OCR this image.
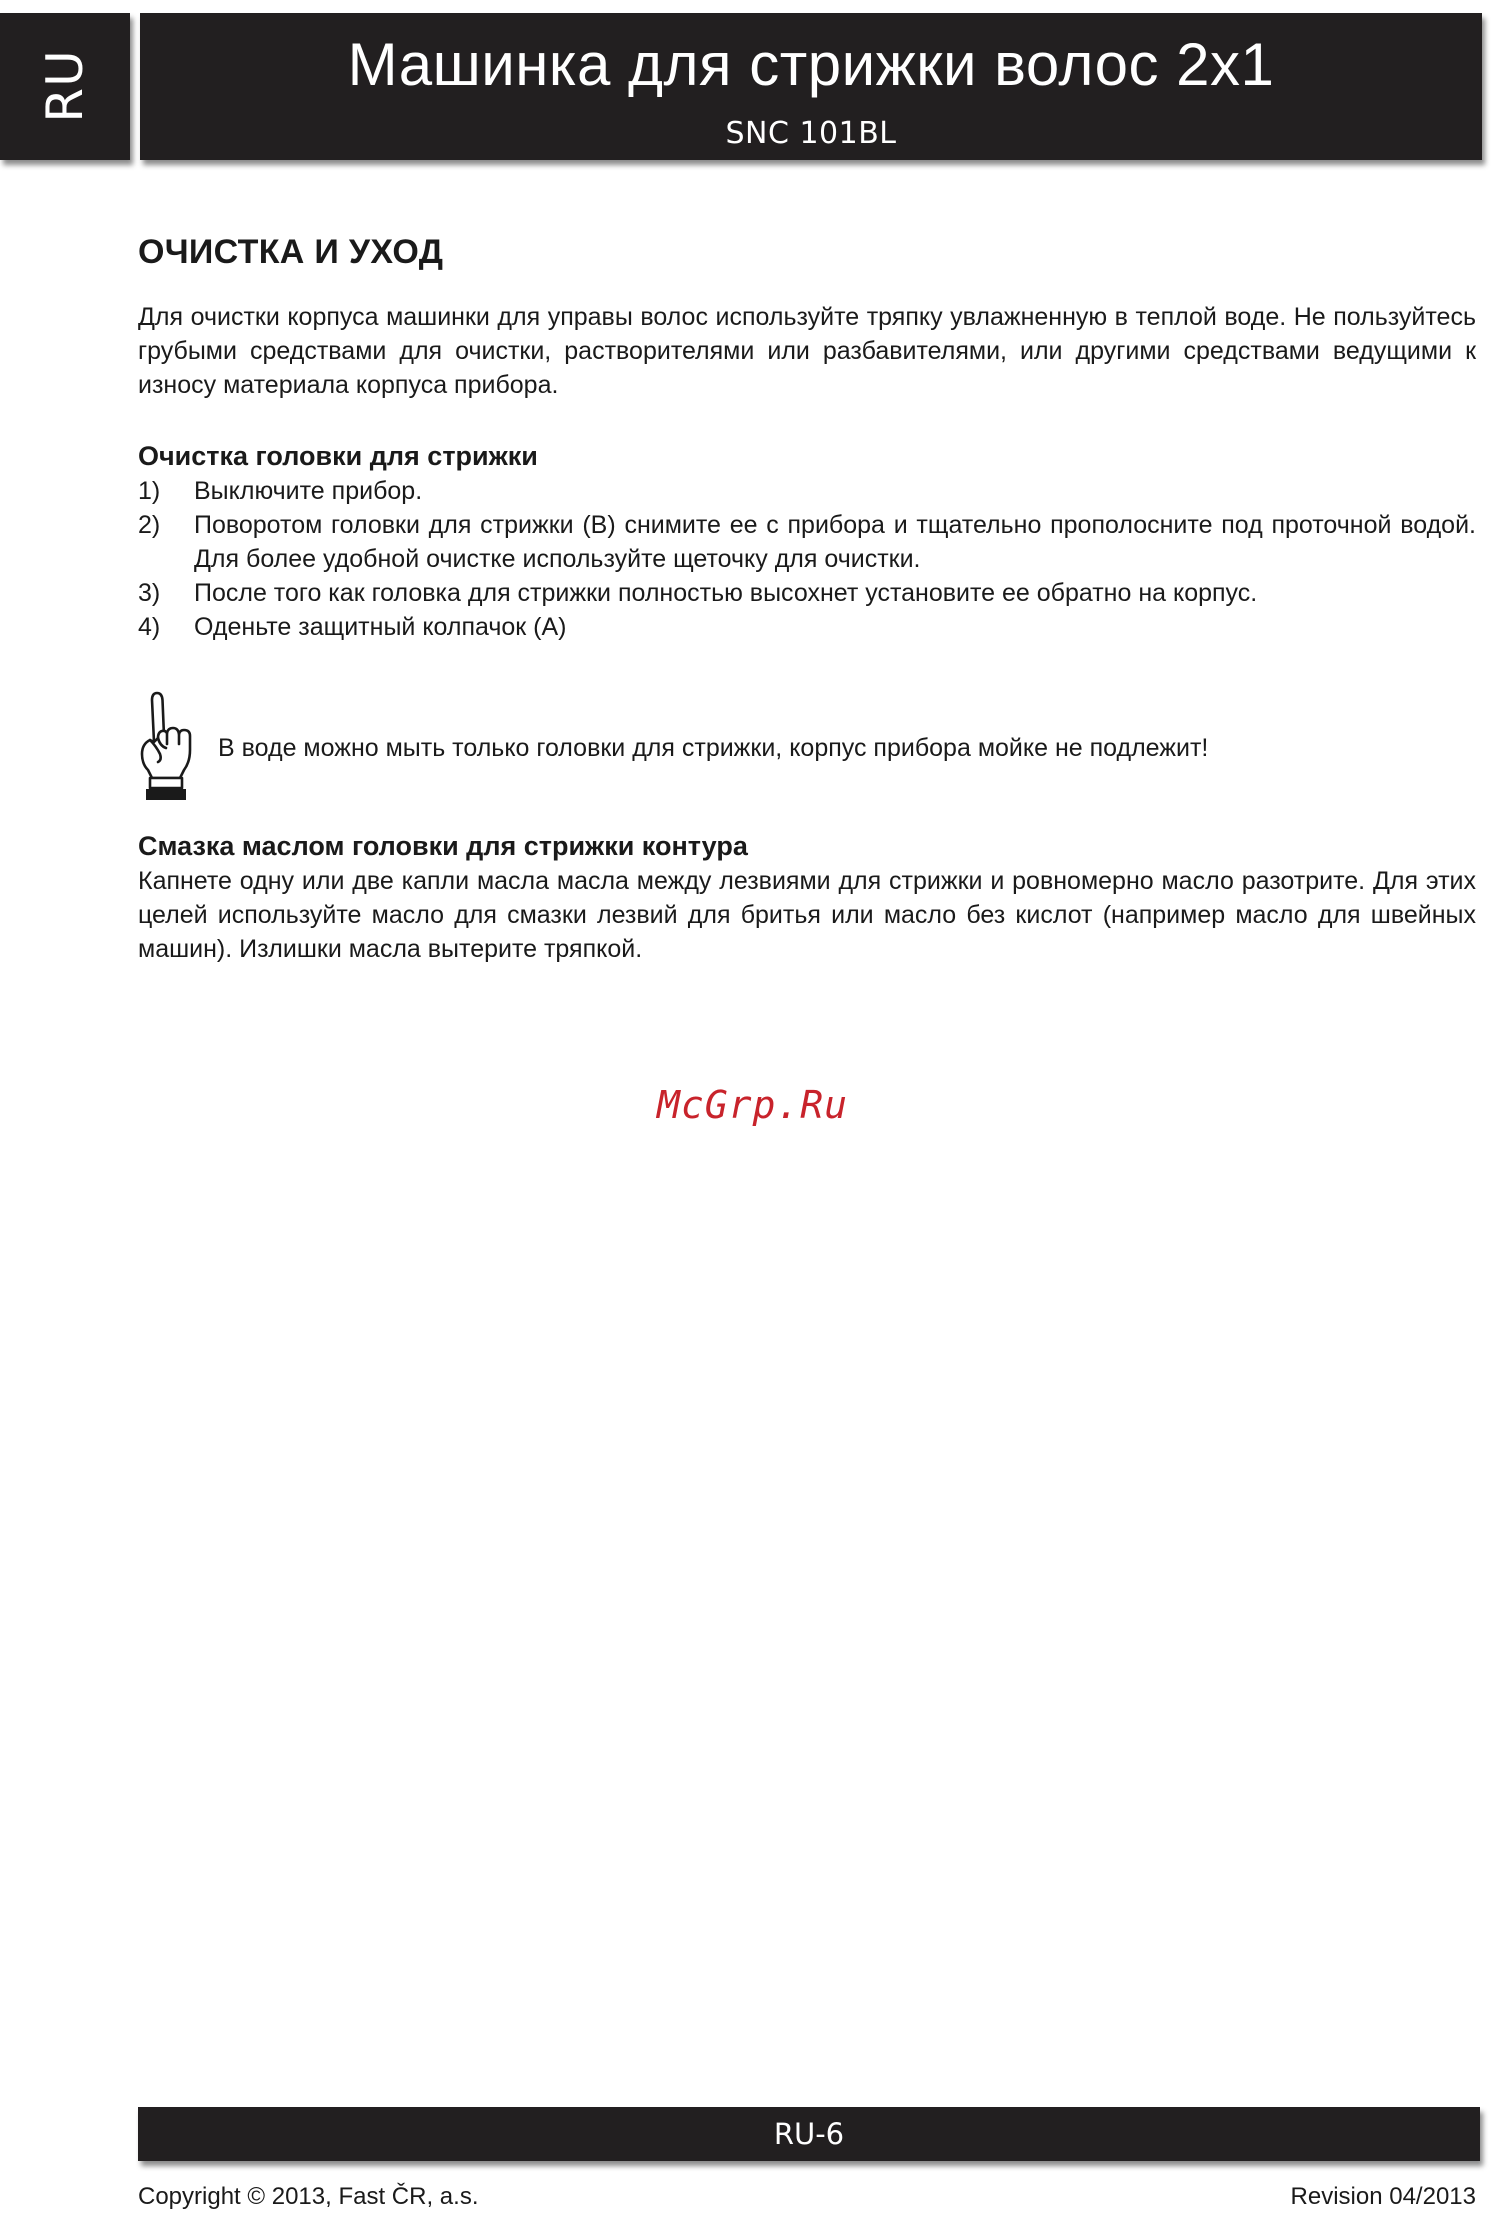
RU	Машинка для стрижки волос 2x1
SNC 101BL
ОЧИСТКА И УХОД

Для очистки корпуса машинки для управы волос используйте тряпку увлажненную в теплой воде. Не пользуйтесь грубыми средствами для очистки, растворителями или разбавителями, или другими средствами ведущими к износу материала корпуса прибора.

Очистка головки для стрижки
1)	Выключите прибор.
2)	Поворотом головки для стрижки (B) снимите ее с прибора и тщательно прополосните под проточной водой. Для более удобной очистке используйте щеточку для очистки.
3)	После того как головка для стрижки полностью высохнет установите ее обратно на корпус.
4)	Оденьте защитный колпачок (A)
В воде можно мыть только головки для стрижки, корпус прибора мойке не подлежит!
Смазка маслом головки для стрижки контура

Капнете одну или две капли масла масла между лезвиями для стрижки и ровномерно масло разотрите. Для этих целей используйте масло для смазки лезвий для бритья или масло без кислот (например масло для швейных машин). Излишки масла вытерите тряпкой.

McGrp.Ru
RU-6
Copyright © 2013, Fast ČR, a.s.	Revision 04/2013
